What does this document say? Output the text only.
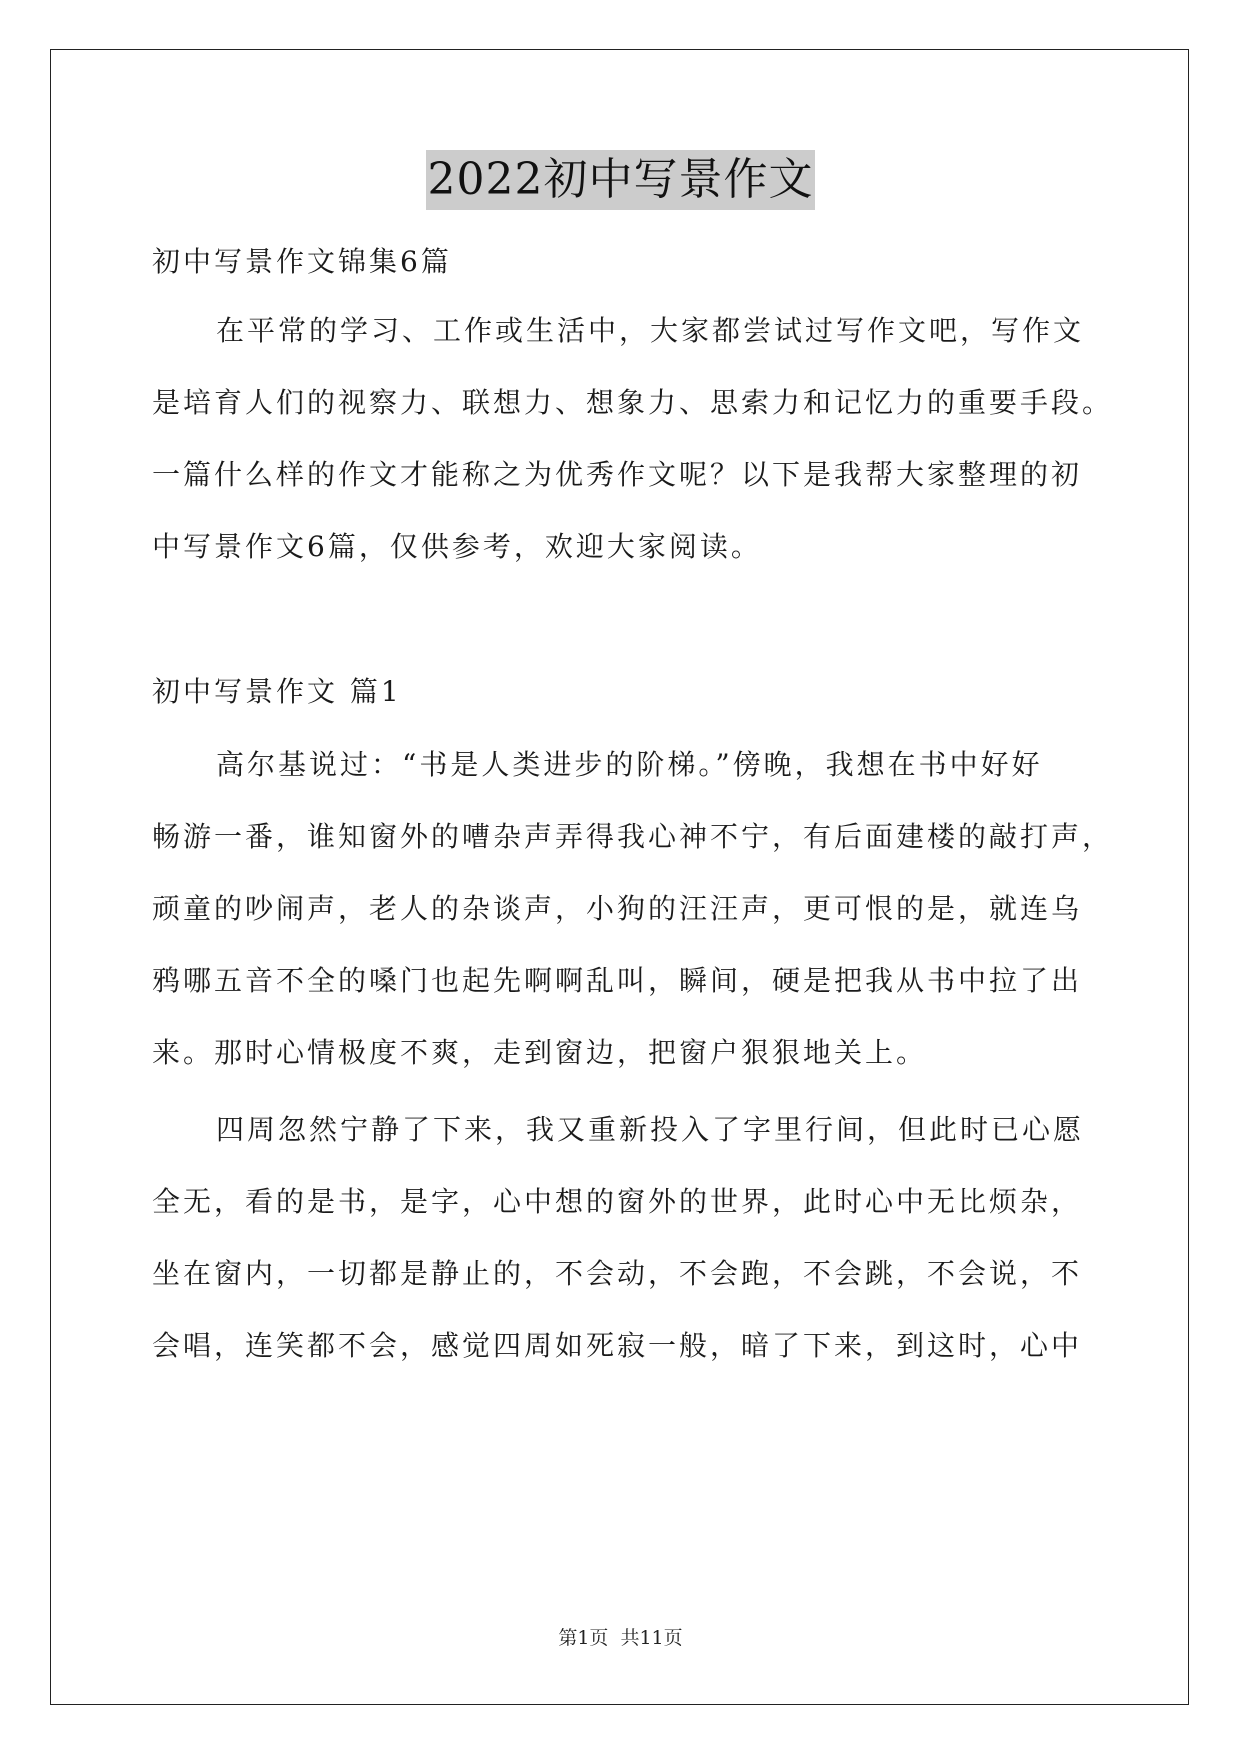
2022初中写景作文
初中写景作文锦集6篇
在平常的学习、工作或生活中，大家都尝试过写作文吧，写作文
是培育人们的视察力、联想力、想象力、思索力和记忆力的重要手段。
一篇什么样的作文才能称之为优秀作文呢？以下是我帮大家整理的初
中写景作文6篇，仅供参考，欢迎大家阅读。
初中写景作文 篇1
高尔基说过：“书是人类进步的阶梯。”傍晚，我想在书中好好
畅游一番，谁知窗外的嘈杂声弄得我心神不宁，有后面建楼的敲打声，
顽童的吵闹声，老人的杂谈声，小狗的汪汪声，更可恨的是，就连乌
鸦哪五音不全的嗓门也起先啊啊乱叫，瞬间，硬是把我从书中拉了出
来。那时心情极度不爽，走到窗边，把窗户狠狠地关上。
四周忽然宁静了下来，我又重新投入了字里行间，但此时已心愿
全无，看的是书，是字，心中想的窗外的世界，此时心中无比烦杂，
坐在窗内，一切都是静止的，不会动，不会跑，不会跳，不会说，不
会唱，连笑都不会，感觉四周如死寂一般，暗了下来，到这时，心中
第1页 共11页
